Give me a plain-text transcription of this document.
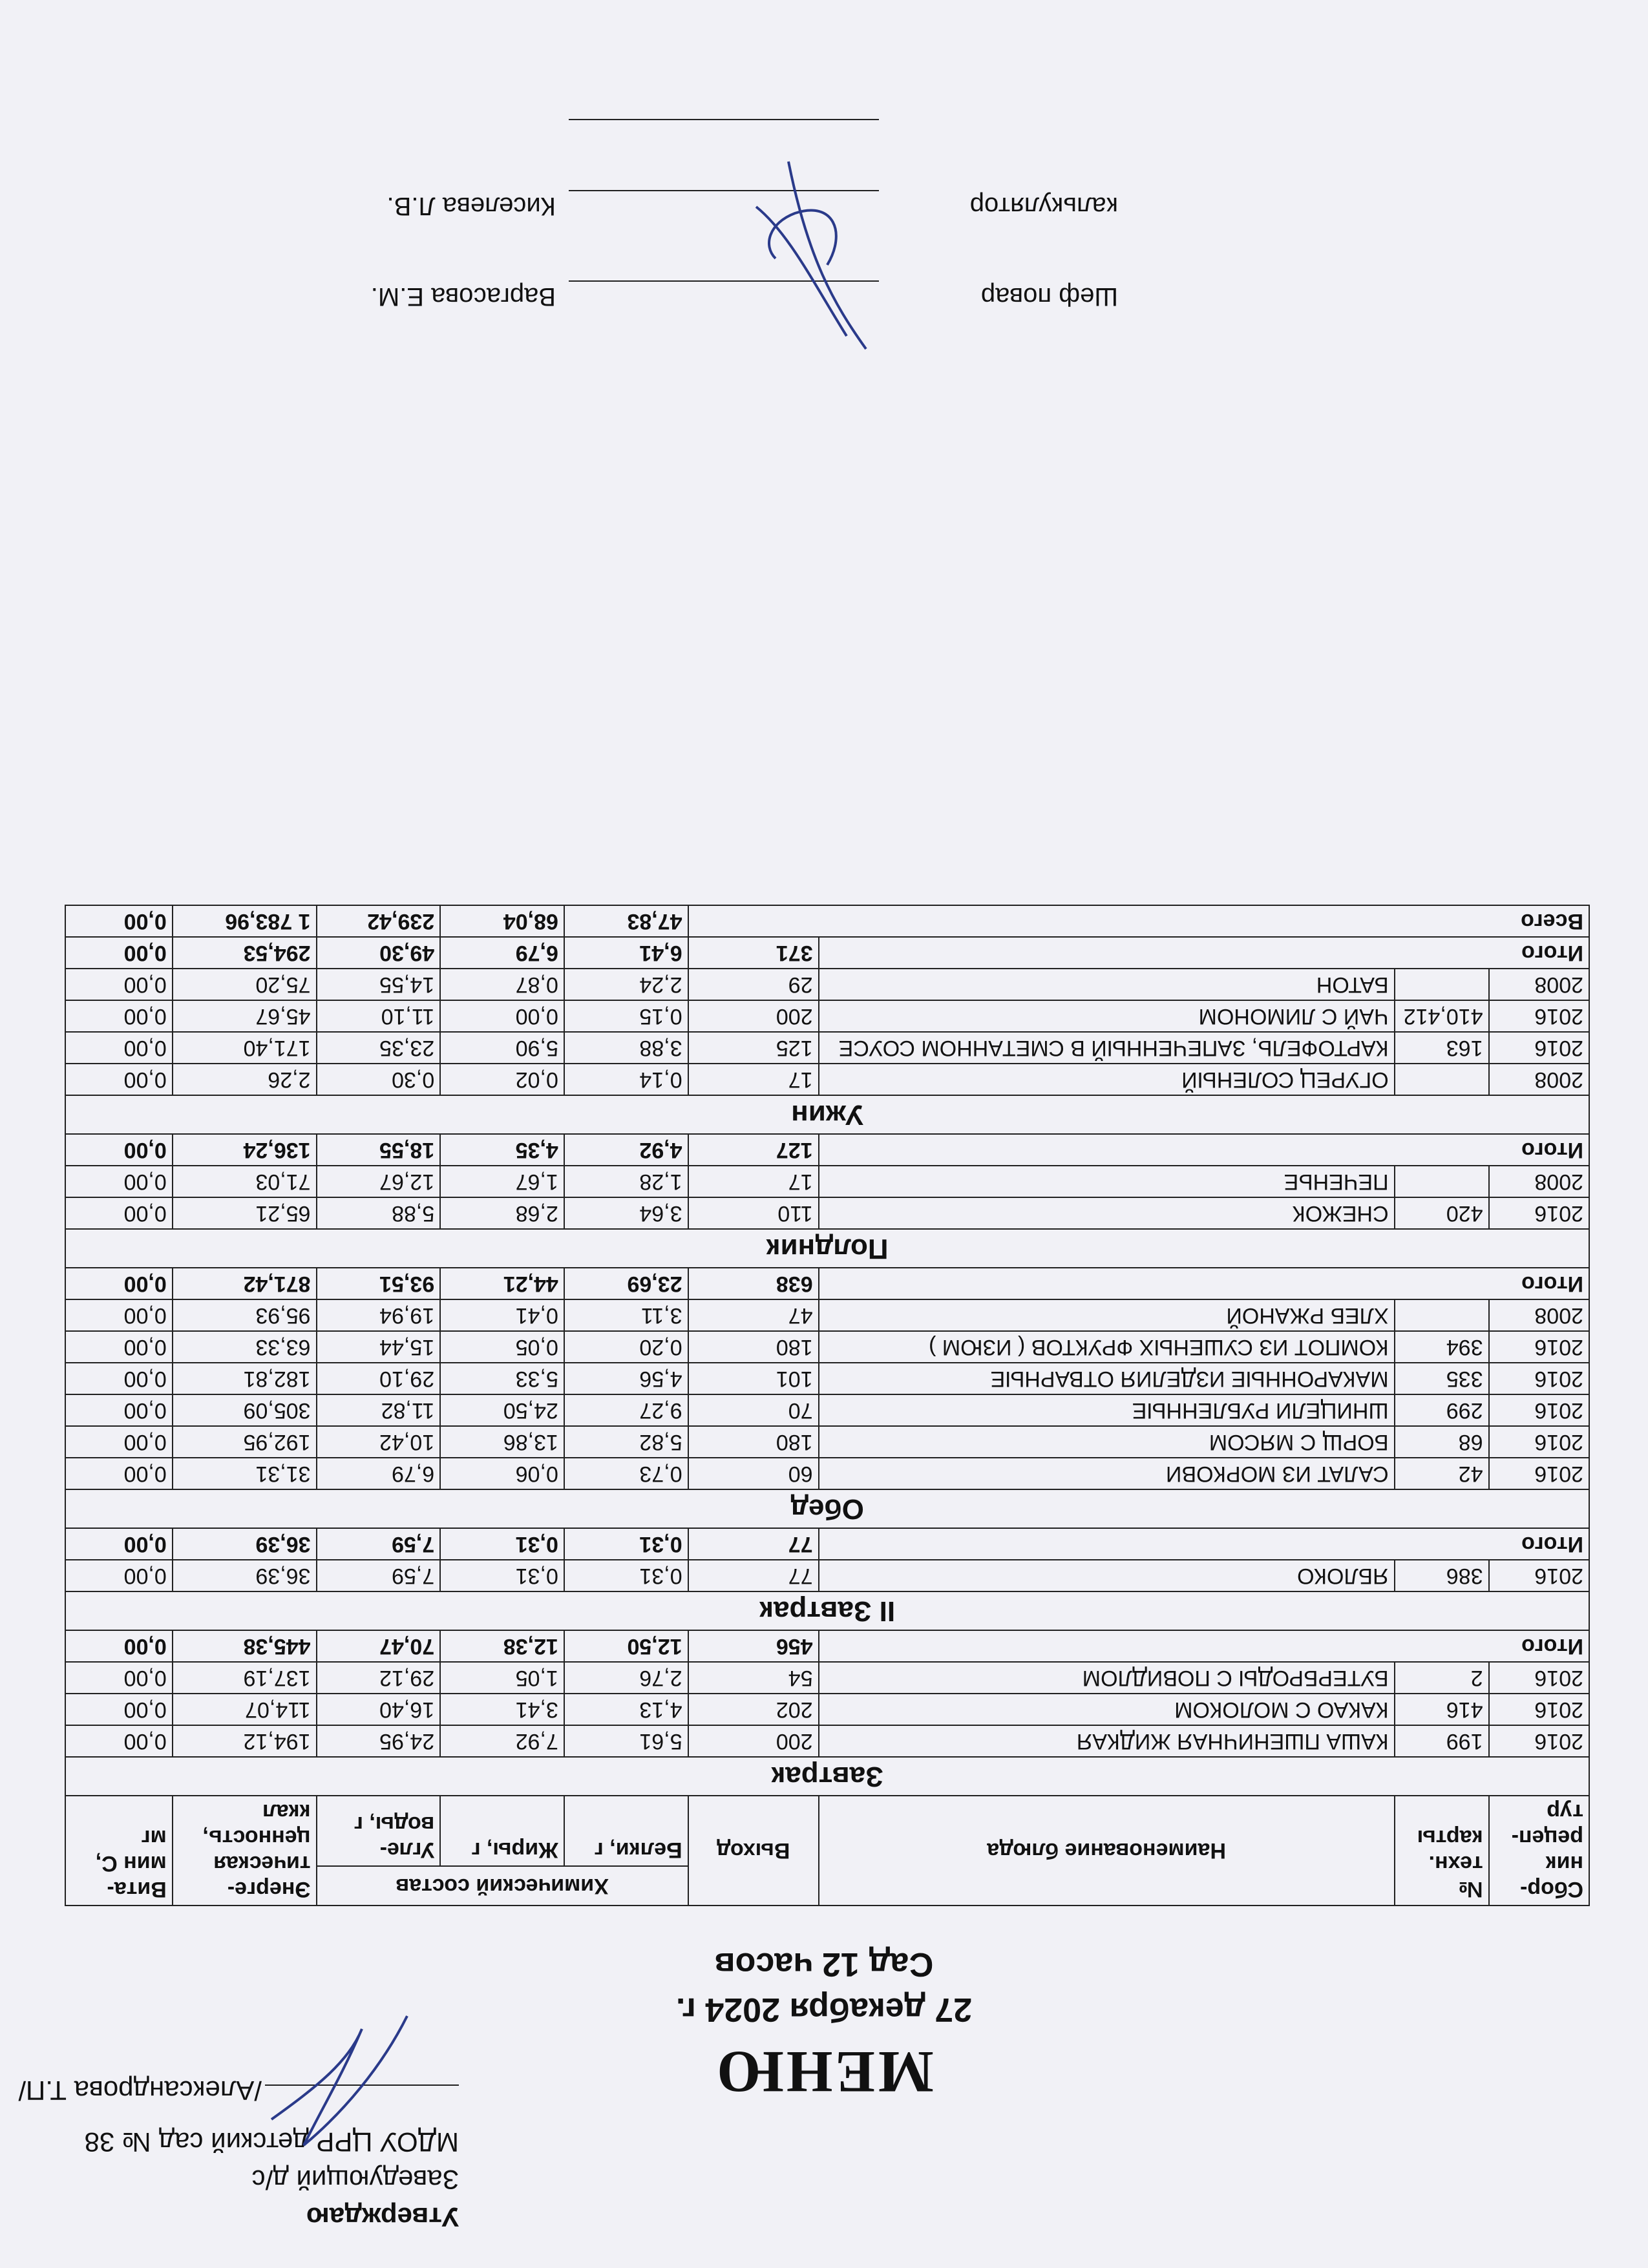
Утверждаю
Заведующий д/с
МДОУ ЦРР детский сад № 38
/Александрова Т.П/	МЕНЮ
27 декабря 2024 г.
Сад 12 часов
Сбор-ник рецеп-тур	№ техн. карты	Наименование блюда	Выход	Химический состав			Энерге-тическая ценность, ккал	Вита-мин С, мг
				Белки, г	Жиры, г	Угле-воды, г		
Завтрак								
2016	199	КАША ПШЕНИЧНАЯ ЖИДКАЯ	200	5,61	7,92	24,95	194,12	0,00
2016	416	КАКАО С МОЛОКОМ	202	4,13	3,41	16,40	114,07	0,00
2016	2	БУТЕРБРОДЫ С ПОВИДЛОМ	54	2,76	1,05	29,12	137,19	0,00
Итого			456	12,50	12,38	70,47	445,38	0,00
II Завтрак								
2016	386	ЯБЛОКО	77	0,31	0,31	7,59	36,39	0,00
Итого			77	0,31	0,31	7,59	36,39	0,00
Обед								
2016	42	САЛАТ ИЗ МОРКОВИ	60	0,73	0,06	6,79	31,31	0,00
2016	68	БОРЩ С МЯСОМ	180	5,82	13,86	10,42	192,95	0,00
2016	299	ШНИЦЕЛИ РУБЛЕННЫЕ	70	9,27	24,50	11,82	305,09	0,00
2016	335	МАКАРОННЫЕ ИЗДЕЛИЯ ОТВАРНЫЕ	101	4,56	5,33	29,10	182,81	0,00
2016	394	КОМПОТ ИЗ СУШЕНЫХ ФРУКТОВ ( ИЗЮМ )	180	0,20	0,05	15,44	63,33	0,00
2008		ХЛЕБ РЖАНОЙ	47	3,11	0,41	19,94	95,93	0,00
Итого			638	23,69	44,21	93,51	871,42	0,00
Полдник								
2016	420	СНЕЖОК	110	3,64	2,68	5,88	65,21	0,00
2008		ПЕЧЕНЬЕ	17	1,28	1,67	12,67	71,03	0,00
Итого			127	4,92	4,35	18,55	136,24	0,00
Ужин								
2008		ОГУРЕЦ СОЛЕНЫЙ	17	0,14	0,02	0,30	2,26	0,00
2016	163	КАРТОФЕЛЬ, ЗАПЕЧЕННЫЙ В СМЕТАННОМ СОУСЕ	125	3,88	5,90	23,35	171,40	0,00
2016	410,412	ЧАЙ С ЛИМОНОМ	200	0,15	0,00	11,10	45,67	0,00
2008		БАТОН	29	2,24	0,87	14,55	75,20	0,00
Итого			371	6,41	6,79	49,30	294,53	0,00
Всего				47,83	68,04	239,42	1 783,96	0,00
Шеф повар
Варгасова Е.М.
калькулятор
Киселева Л.В.
